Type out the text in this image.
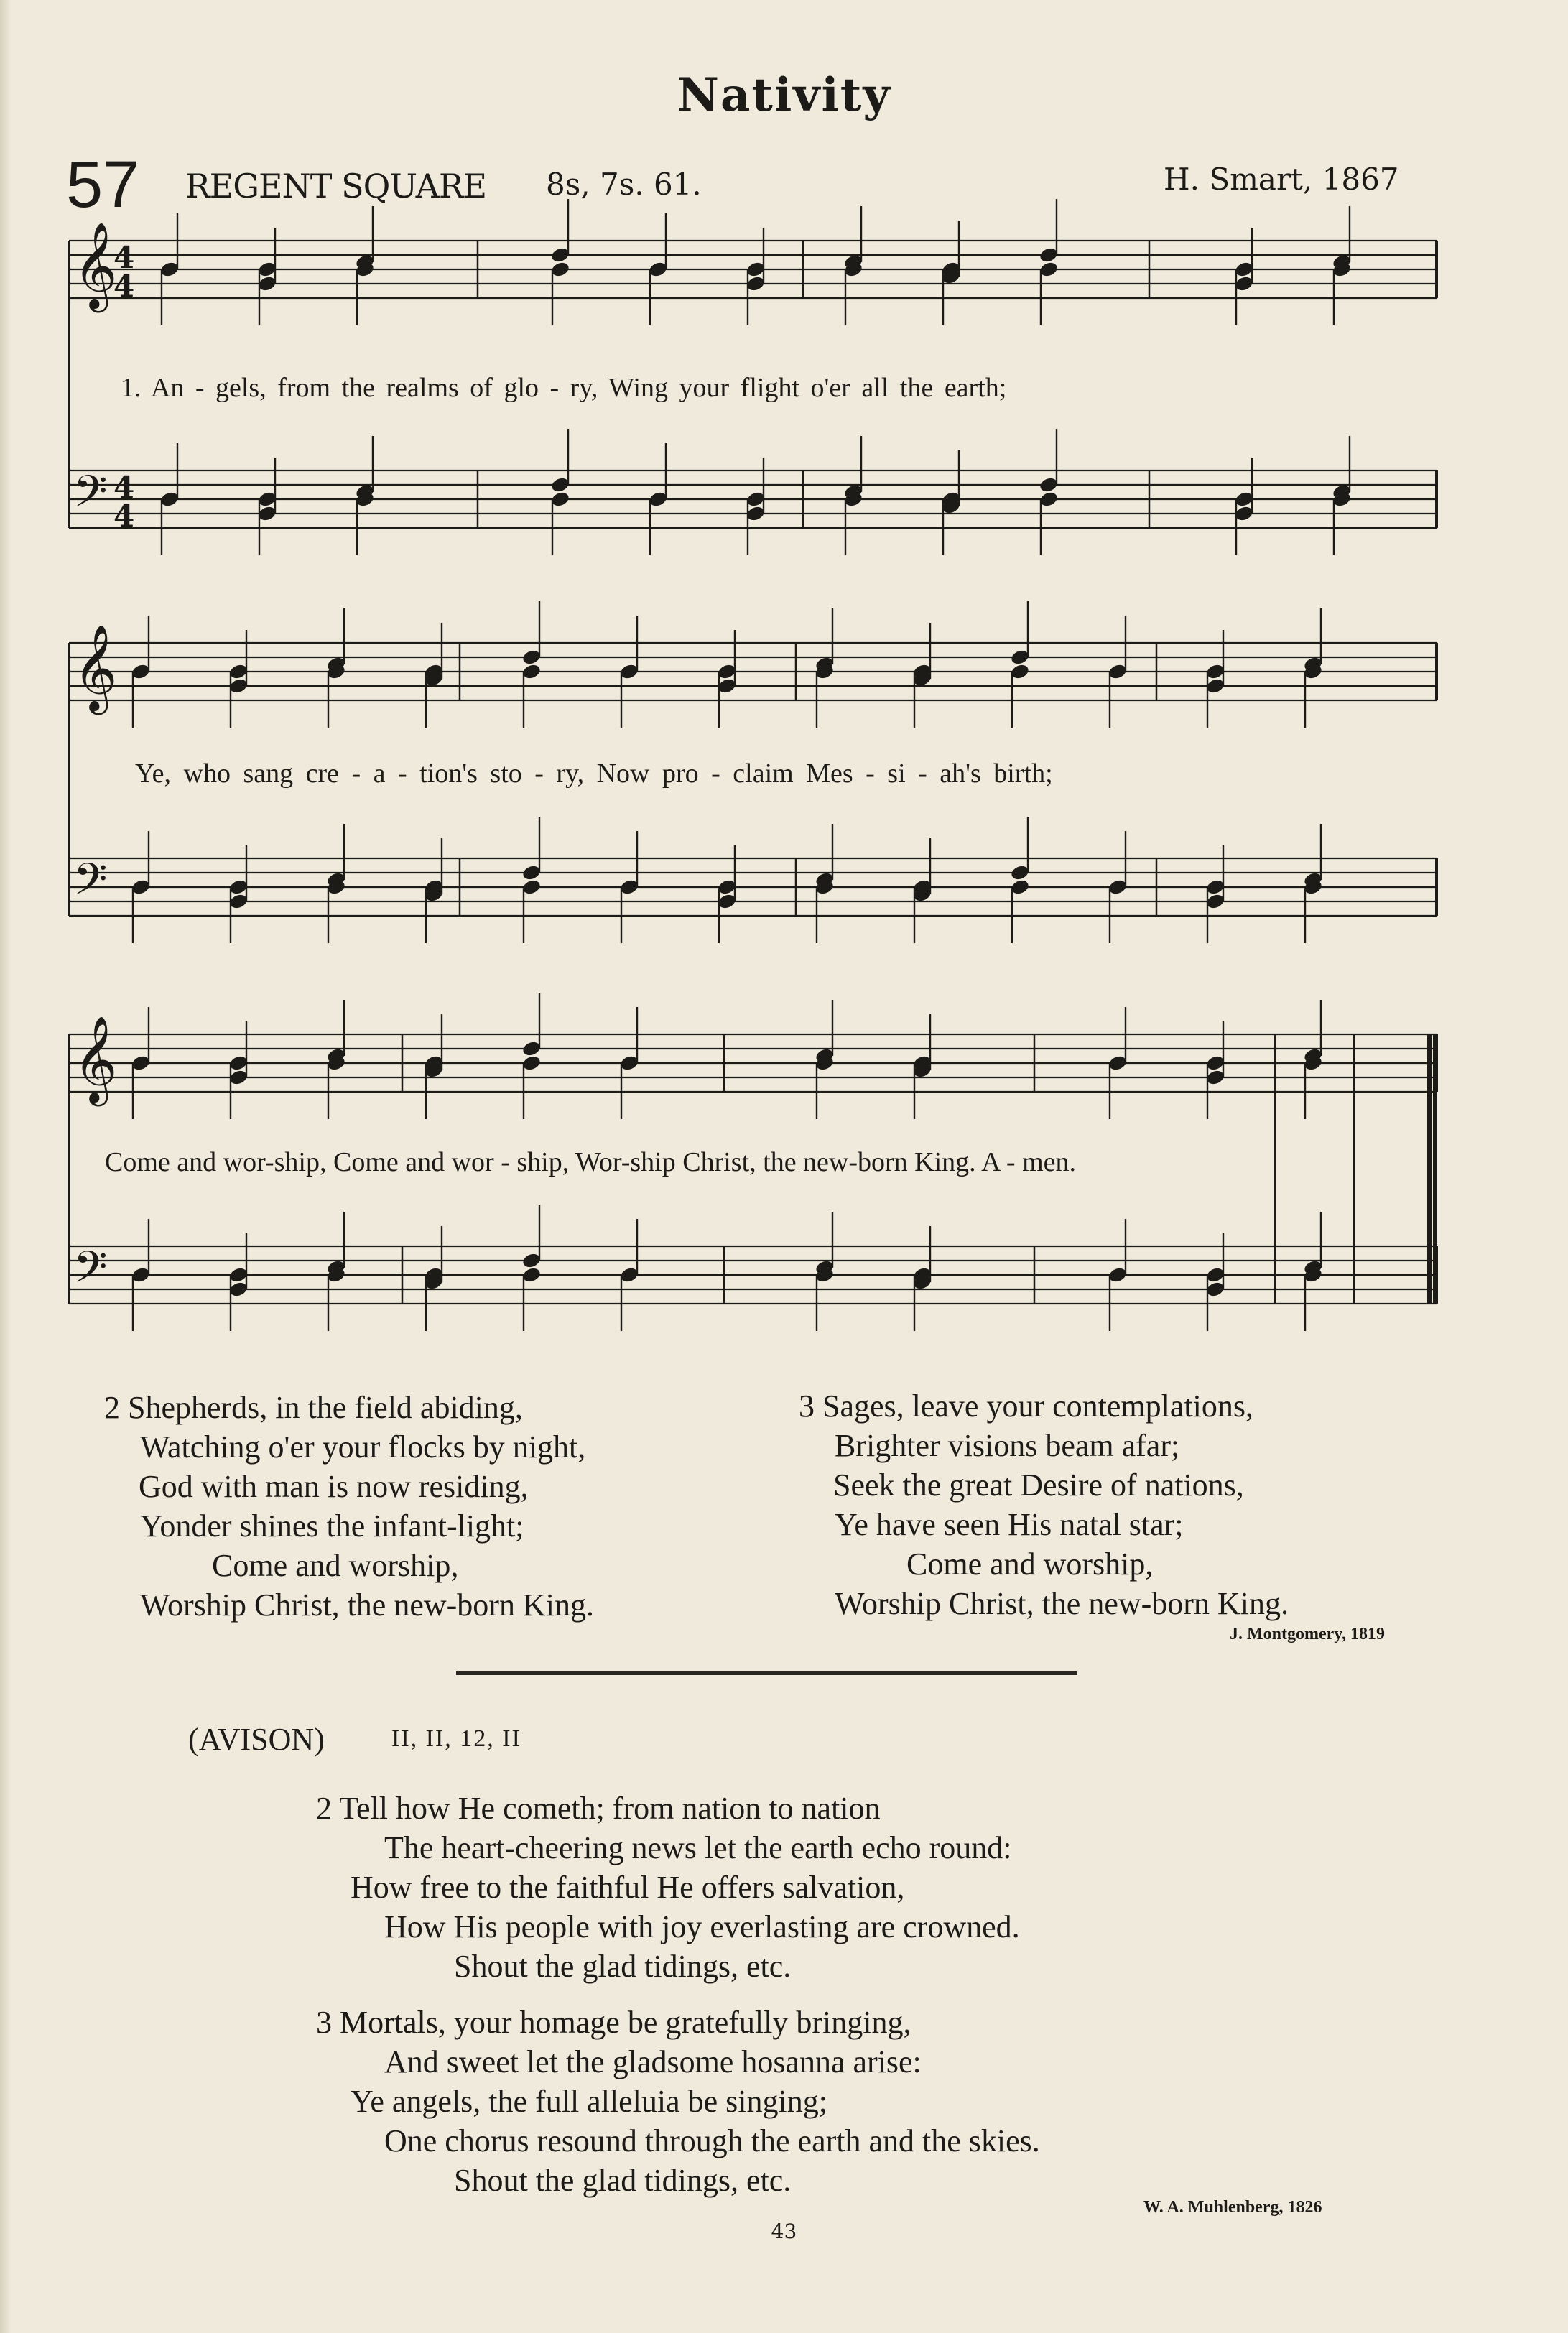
Nativity
57 REGENT SQUARE 8s, 7s. 61.	H. Smart, 1867
𝄞
4
4
𝄢 4
4
𝄞
𝄢
𝄞
𝄢
1. An - gels, from the realms of glo - ry, Wing your flight o'er all the earth;
Ye, who sang cre - a - tion's sto - ry, Now pro - claim Mes - si - ah's birth;
Come and wor-ship, Come and wor - ship, Wor-ship Christ, the new-born King. A - men.
2 Shepherds, in the field abiding,
Watching o'er your flocks by night,
God with man is now residing,
Yonder shines the infant-light;
Come and worship,
Worship Christ, the new-born King.
3 Sages, leave your contemplations,
Brighter visions beam afar;
Seek the great Desire of nations,
Ye have seen His natal star;
Come and worship,
Worship Christ, the new-born King.
J. Montgomery, 1819
(AVISON)	II, II, 12, II
2 Tell how He cometh; from nation to nation
The heart-cheering news let the earth echo round:
How free to the faithful He offers salvation,
How His people with joy everlasting are crowned.
Shout the glad tidings, etc.
3 Mortals, your homage be gratefully bringing,
And sweet let the gladsome hosanna arise:
Ye angels, the full alleluia be singing;
One chorus resound through the earth and the skies.
Shout the glad tidings, etc.
W. A. Muhlenberg, 1826
43
